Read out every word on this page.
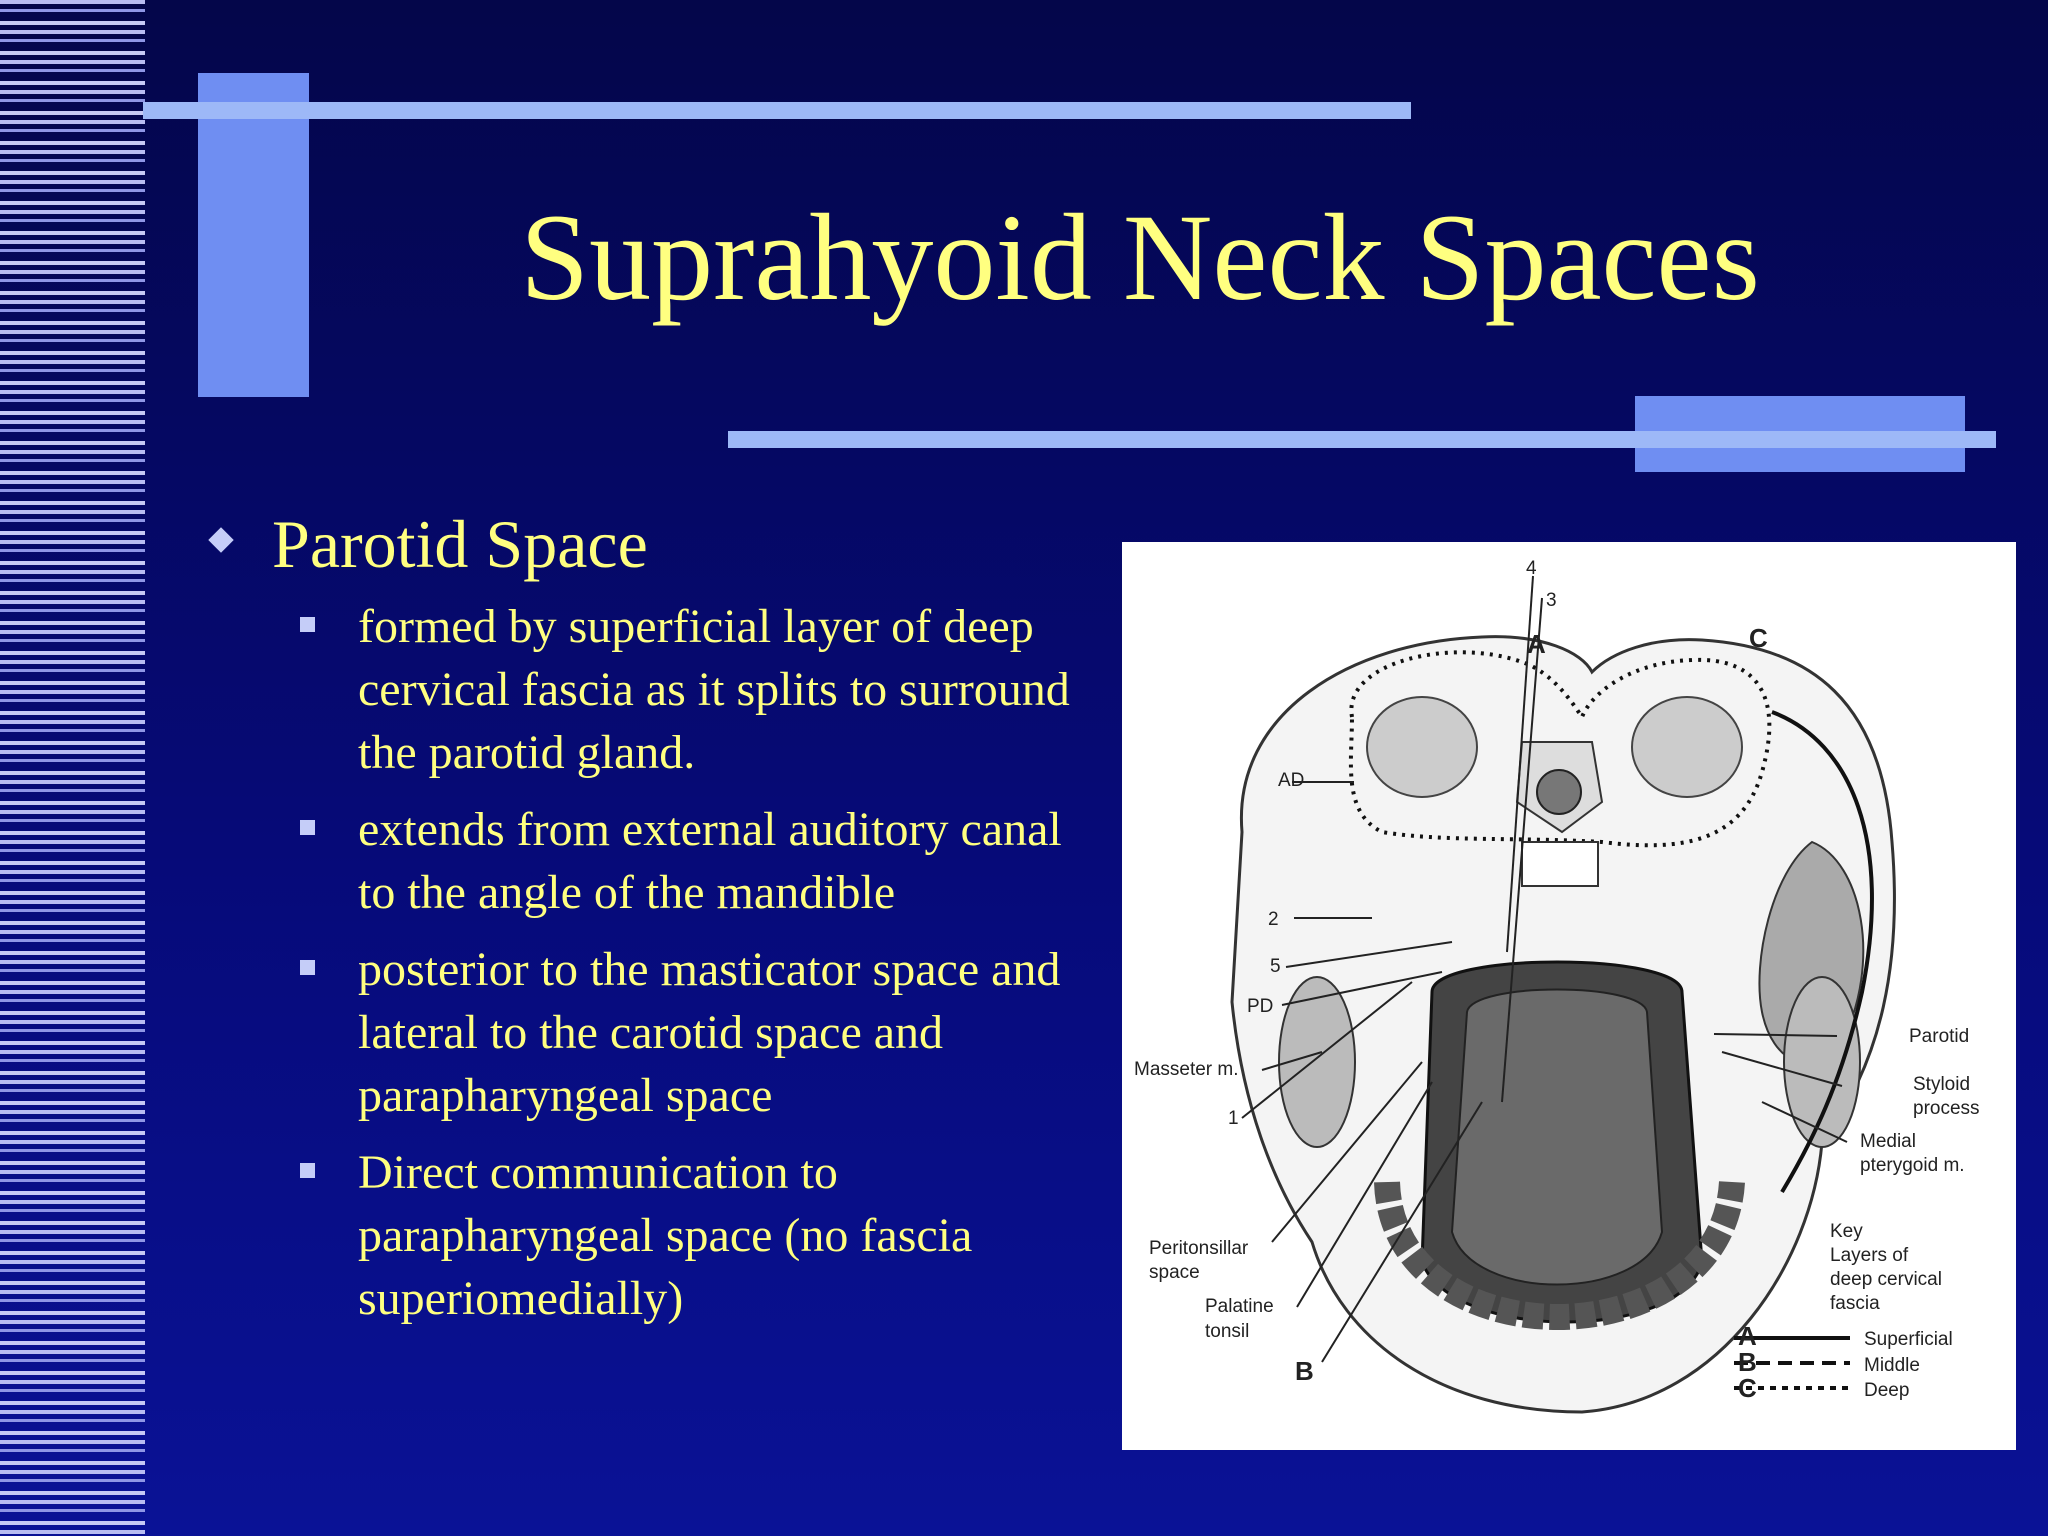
Suprahyoid Neck Spaces
Parotid Space
formed by superficial layer of deep cervical fascia as it splits to surround the parotid gland.
extends from external auditory canal to the angle of the mandible
posterior to the masticator space and lateral to the carotid space and parapharyngeal space
Direct communication to parapharyngeal space (no fascia superiomedially)
4
3
A	C
AD
2
5
PD
Masseter m.
1
Peritonsillar
space
Palatine
tonsil
B
Parotid
Styloid
process
Medial
pterygoid m.
Key
Layers of
deep cervical
fascia
A	Superficial
B	Middle
C	Deep
